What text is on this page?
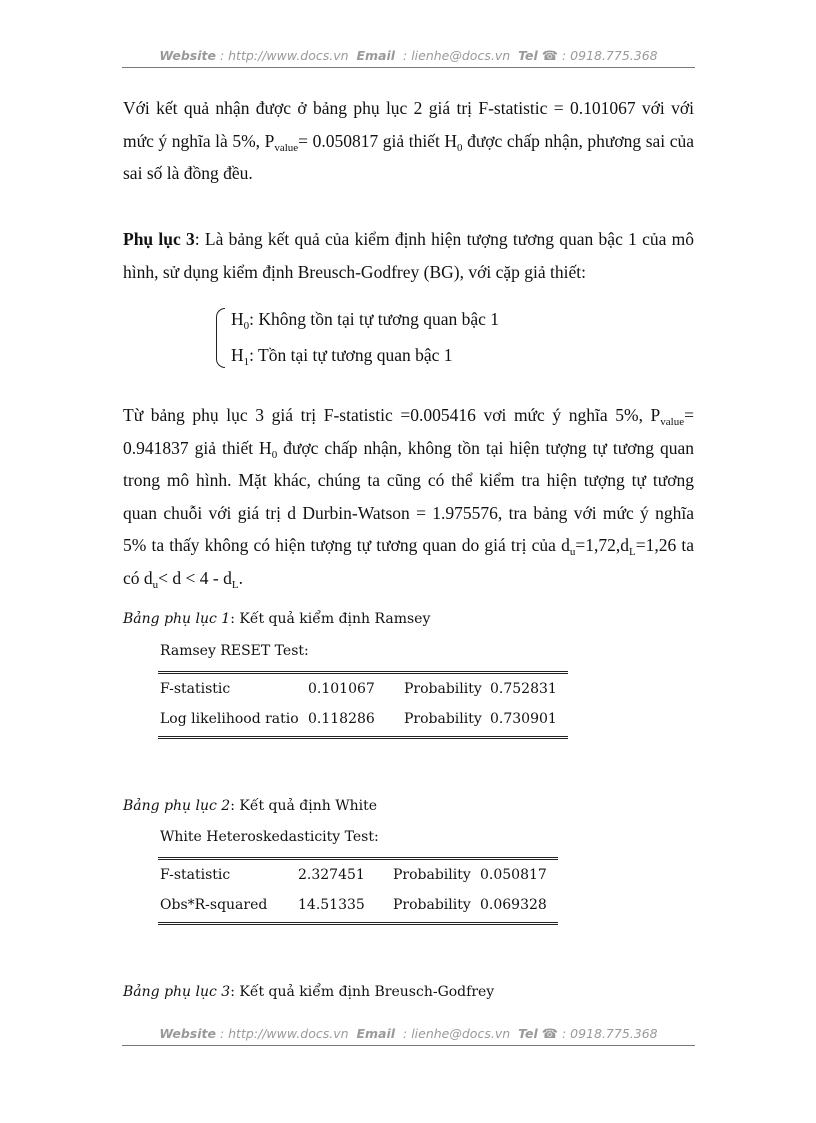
Website : http://www.docs.vn Email  : lienhe@docs.vn Tel ☎ : 0918.775.368
Với kết quả nhận được ở bảng phụ lục 2 giá trị F-statistic = 0.101067 với với mức ý nghĩa là 5%, $P_{value}= 0.050817$ giả thiết $H_0$ được chấp nhận, phương sai của sai số là đồng đều.
Phụ lục 3: Là bảng kết quả của kiểm định hiện tượng tương quan bậc 1 của mô hình, sử dụng kiểm định Breusch-Godfrey (BG), với cặp giả thiết:
$H_0$: Không tồn tại tự tương quan bậc 1
$H_1$: Tồn tại tự tương quan bậc 1
Từ bảng phụ lục 3 giá trị F-statistic =0.005416 vơi mức ý nghĩa 5%, $P_{value}= 0.941837$ giả thiết $H_0$ được chấp nhận, không tồn tại hiện tượng tự tương quan trong mô hình. Mặt khác, chúng ta cũng có thể kiểm tra hiện tượng tự tương quan chuỗi với giá trị d Durbin-Watson = 1.975576, tra bảng với mức ý nghĩa 5% ta thấy không có hiện tượng tự tương quan do giá trị của $d_u=1,72,d_L=1,26$ ta có $d_u< d < 4 - d_L$.
Bảng phụ lục 1: Kết quả kiểm định Ramsey
Ramsey RESET Test:
F-statistic	0.101067 Probability 0.752831
Log likelihood ratio 0.118286 Probability 0.730901
Bảng phụ lục 2: Kết quả định White
White Heteroskedasticity Test:
F-statistic	2.327451 Probability 0.050817
Obs*R-squared 14.51335 Probability 0.069328
Bảng phụ lục 3: Kết quả kiểm định Breusch-Godfrey
Website : http://www.docs.vn Email  : lienhe@docs.vn Tel ☎ : 0918.775.368
